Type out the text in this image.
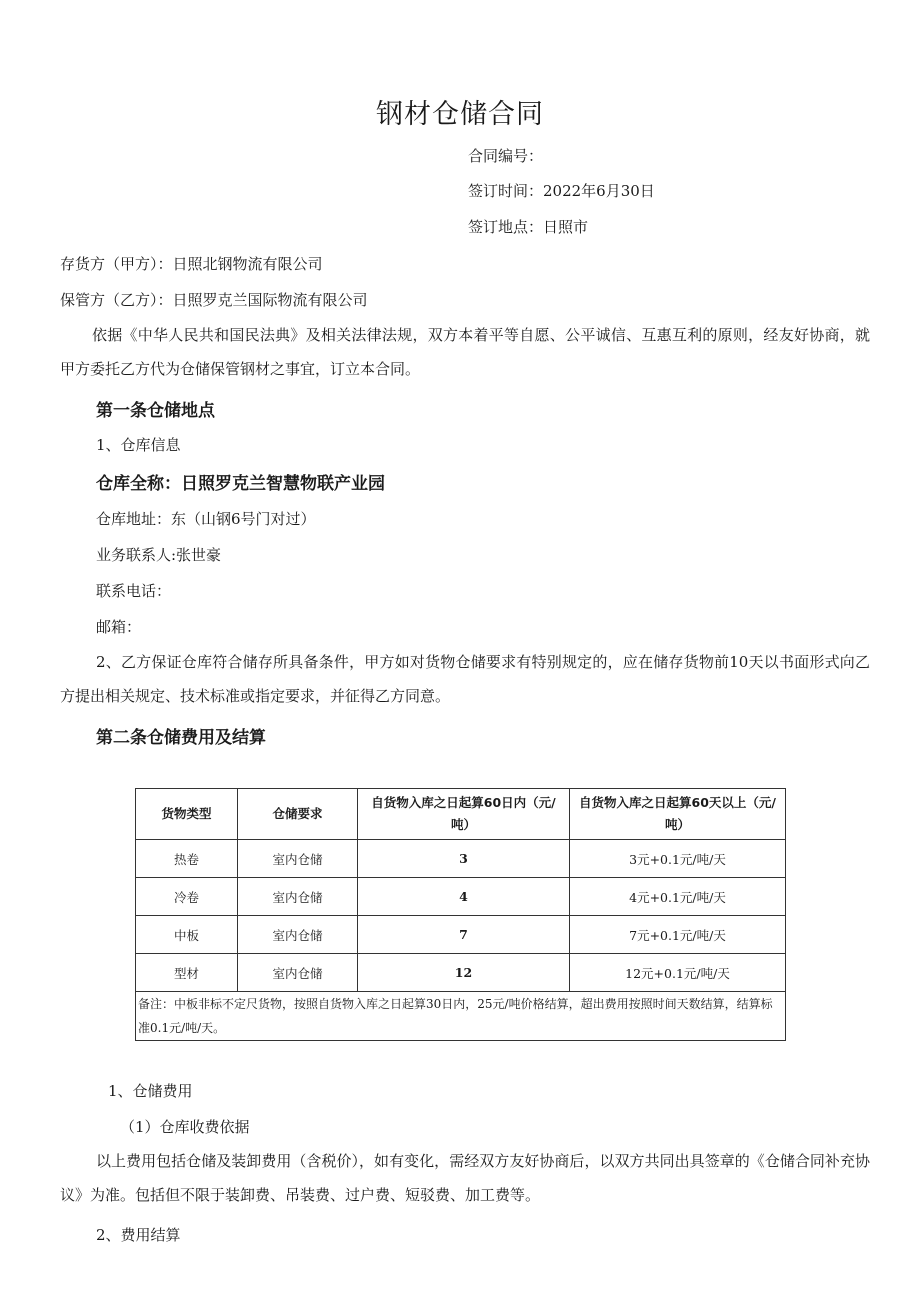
钢材仓储合同
合同编号：
签订时间：2022年6月30日
签订地点：日照市
存货方（甲方）：日照北钢物流有限公司
保管方（乙方）：日照罗克兰国际物流有限公司
依据《中华人民共和国民法典》及相关法律法规，双方本着平等自愿、公平诚信、互惠互利的原则，经友好协商，就甲方委托乙方代为仓储保管钢材之事宜，订立本合同。
第一条仓储地点
1、仓库信息
仓库全称：日照罗克兰智慧物联产业园
仓库地址：东（山钢6号门对过）
业务联系人:张世豪
联系电话：
邮箱：
2、乙方保证仓库符合储存所具备条件，甲方如对货物仓储要求有特别规定的，应在储存货物前10天以书面形式向乙方提出相关规定、技术标准或指定要求，并征得乙方同意。
第二条仓储费用及结算
货物类型	仓储要求	自货物入库之日起算60日内（元/吨）	自货物入库之日起算60天以上（元/吨）
热卷	室内仓储	3	3元+0.1元/吨/天
冷卷	室内仓储	4	4元+0.1元/吨/天
中板	室内仓储	7	7元+0.1元/吨/天
型材	室内仓储	12	12元+0.1元/吨/天
备注：中板非标不定尺货物，按照自货物入库之日起算30日内，25元/吨价格结算，超出费用按照时间天数结算，结算标准0.1元/吨/天。			
1、仓储费用
（1）仓库收费依据
以上费用包括仓储及装卸费用（含税价），如有变化，需经双方友好协商后，以双方共同出具签章的《仓储合同补充协议》为准。包括但不限于装卸费、吊装费、过户费、短驳费、加工费等。
2、费用结算
